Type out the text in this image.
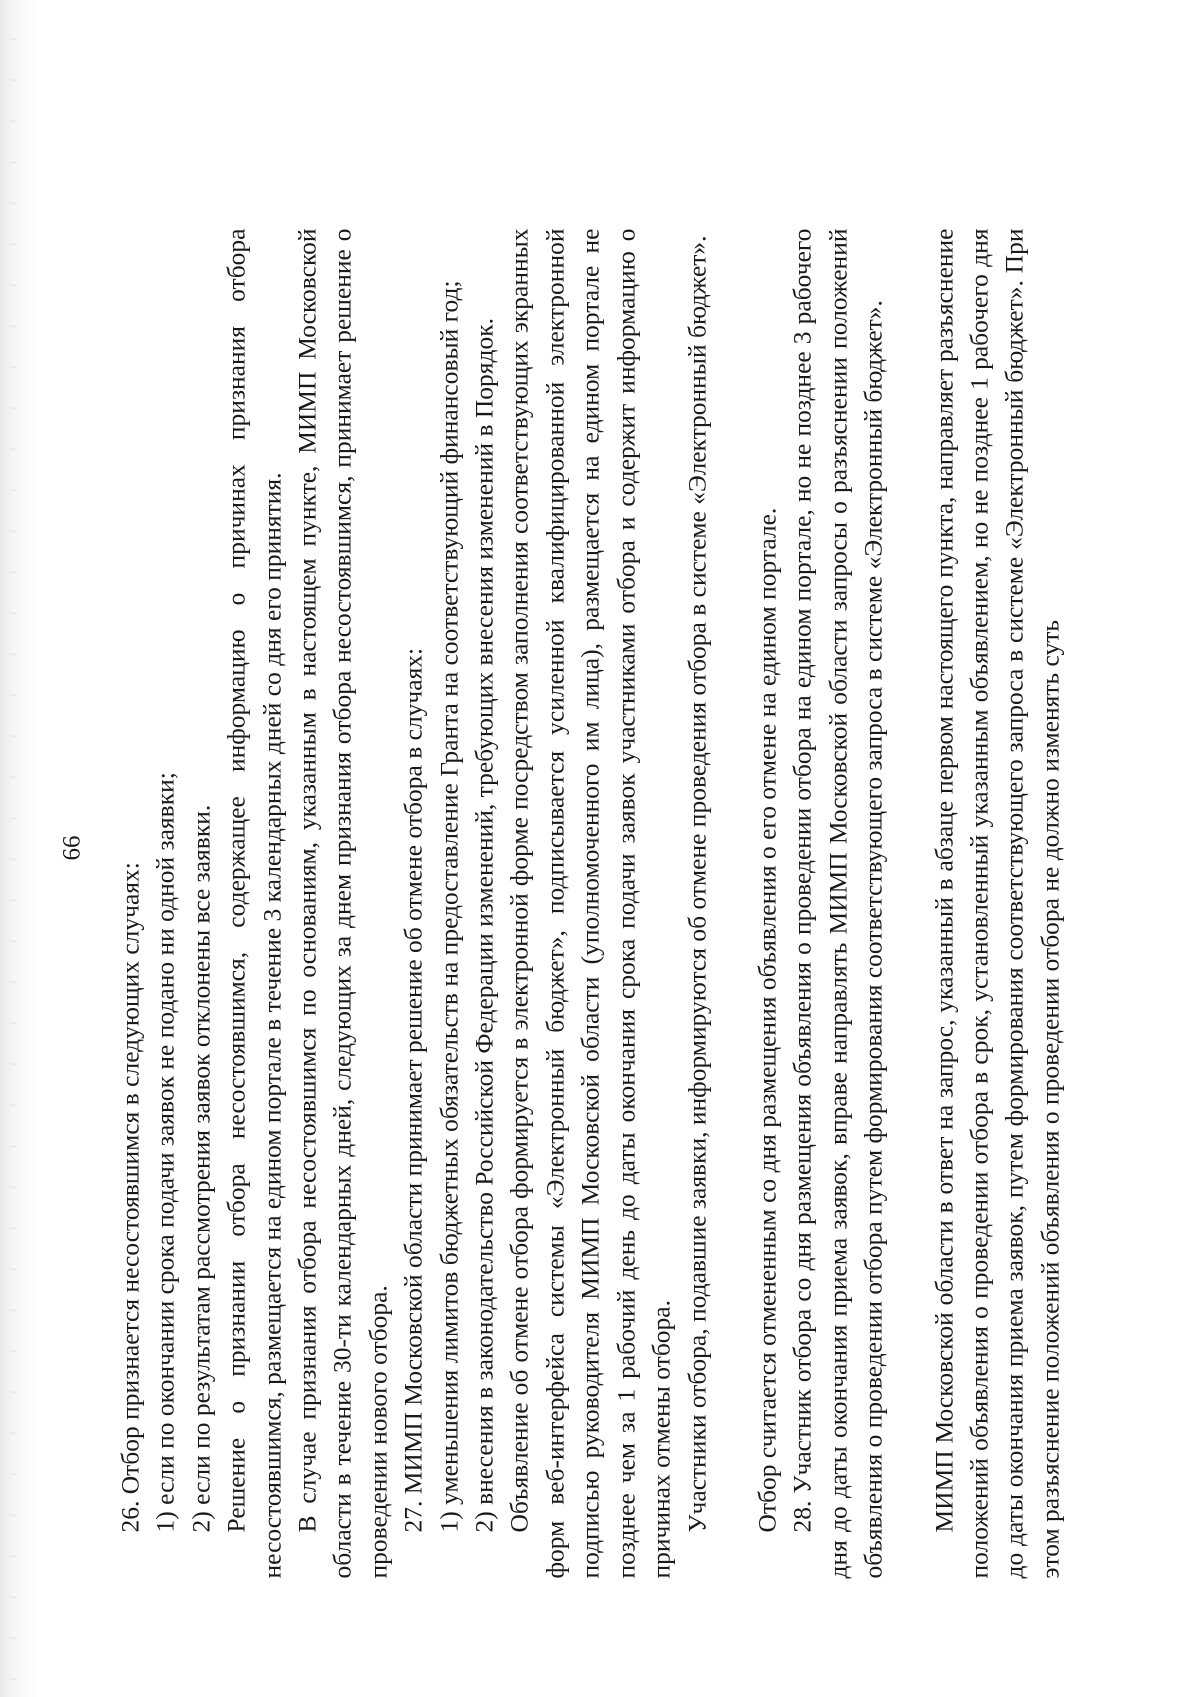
66

26. Отбор признается несостоявшимся в следующих случаях: 1) если по окончании срока подачи заявок не подано ни одной заявки; 2) если по результатам рассмотрения заявок отклонены все заявки. Решение о признании отбора несостоявшимся, содержащее информацию о причинах признания отбора несостоявшимся, размещается на едином портале в течение 3 календарных дней со дня его принятия. В случае признания отбора несостоявшимся по основаниям, указанным в настоящем пункте, МИМП Московской области в течение 30-ти календарных дней, следующих за днем признания отбора несостоявшимся, принимает решение о проведении нового отбора. 27. МИМП Московской области принимает решение об отмене отбора в случаях: 1) уменьшения лимитов бюджетных обязательств на предоставление Гранта на соответствующий финансовый год; 2) внесения в законодательство Российской Федерации изменений, требующих внесения изменений в Порядок. Объявление об отмене отбора формируется в электронной форме посредством заполнения соответствующих экранных форм веб-интерфейса системы «Электронный бюджет», подписывается усиленной квалифицированной электронной подписью руководителя МИМП Московской области (уполномоченного им лица), размещается на едином портале не позднее чем за 1 рабочий день до даты окончания срока подачи заявок участниками отбора и содержит информацию о причинах отмены отбора. Участники отбора, подавшие заявки, информируются об отмене проведения отбора в системе «Электронный бюджет». Отбор считается отмененным со дня размещения объявления о его отмене на едином портале. 28. Участник отбора со дня размещения объявления о проведении отбора на едином портале, но не позднее 3 рабочего дня до даты окончания приема заявок, вправе направлять МИМП Московской области запросы о разъяснении положений объявления о проведении отбора путем формирования соответствующего запроса в системе «Электронный бюджет». МИМП Московской области в ответ на запрос, указанный в абзаце первом настоящего пункта, направляет разъяснение положений объявления о проведении отбора в срок, установленный указанным объявлением, но не позднее 1 рабочего дня до даты окончания приема заявок, путем формирования соответствующего запроса в системе «Электронный бюджет». При этом разъяснение положений объявления о проведении отбора не должно изменять суть
